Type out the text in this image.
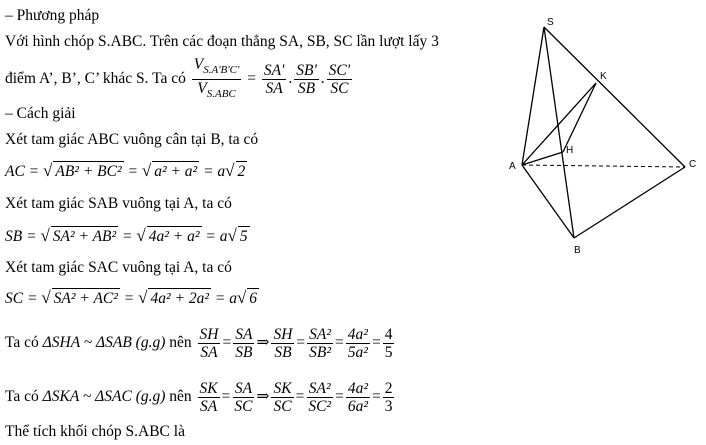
– Phương pháp
Với hình chóp S.ABC. Trên các đoạn thẳng SA, SB, SC lần lượt lấy 3
điểm A’, B’, C’ khác S. Ta có $\frac{V_{S.A'B'C'}}{V_{S.ABC}} = \frac{SA'}{SA}$ . $\frac{SB'}{SB}$ . $\frac{SC'}{SC}$
– Cách giải
Xét tam giác ABC vuông cân tại B, ta có
AC = √ AB² + BC² = √ a² + a² = a√ 2
Xét tam giác SAB vuông tại A, ta có
SB = √ SA² + AB² = √ 4a² + a² = a√ 5
Xét tam giác SAC vuông tại A, ta có
SC = √ SA² + AC² = √ 4a² + 2a² = a√ 6
Ta có ΔSHA ~ ΔSAB (g.g) nên $\frac{SH}{SA} = \frac{SA}{SB}$ ⇒ $\frac{SH}{SB} = \frac{\text{SA²}}{\text{SB²}} = \frac{\text{4a²}}{\text{5a²}} = \frac{4}{5}$
Ta có ΔSKA ~ ΔSAC (g.g) nên $\frac{SK}{SA} = \frac{SA}{SC}$ ⇒ $\frac{SK}{SC} = \frac{\text{SA²}}{\text{SC²}} = \frac{\text{4a²}}{\text{6a²}} = \frac{2}{3}$
Thể tích khối chóp S.ABC là
S
K
H
A
B
C
